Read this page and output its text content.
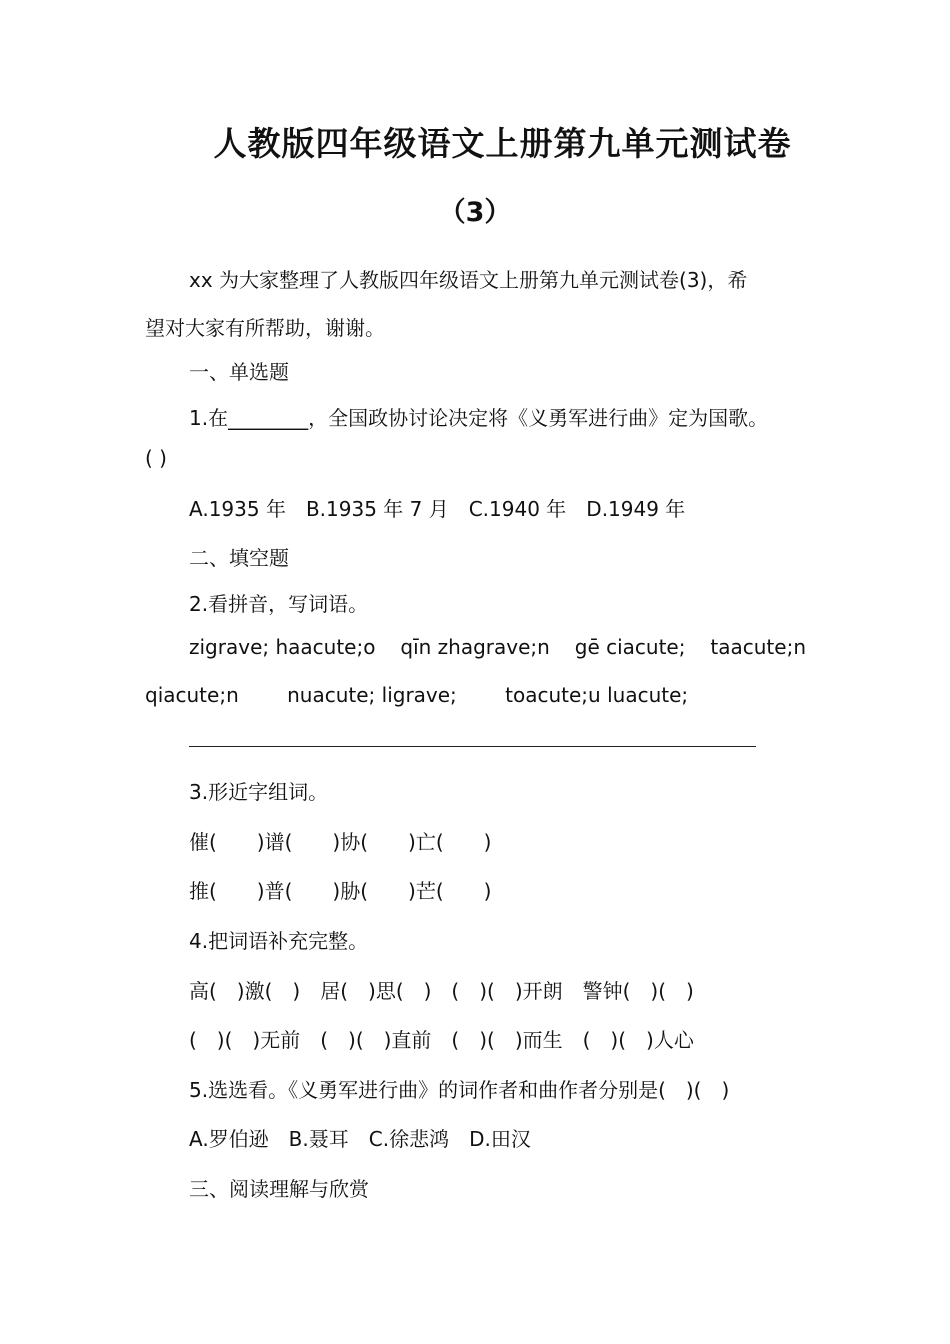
人教版四年级语文上册第九单元测试卷
（3）
xx 为大家整理了人教版四年级语文上册第九单元测试卷(3)，希
望对大家有所帮助，谢谢。
一、单选题
1.在________，全国政协讨论决定将《义勇军进行曲》定为国歌。
( )
A.1935 年　B.1935 年 7 月　C.1940 年　D.1949 年
二、填空题
2.看拼音，写词语。
zigrave; haacute;o qīn zhagrave;n gē ciacute; taacute;n
qiacute;n nuacute; ligrave; toacute;u luacute;
3.形近字组词。
催(　　)谱(　　)协(　　)亡(　　)
推(　　)普(　　)胁(　　)芒(　　)
4.把词语补充完整。
高(　)激(　)　居(　)思(　)　(　)(　)开朗　警钟(　)(　)
(　)(　)无前　(　)(　)直前　(　)(　)而生　(　)(　)人心
5.选选看。《义勇军进行曲》的词作者和曲作者分别是(　)(　)
A.罗伯逊　B.聂耳　C.徐悲鸿　D.田汉
三、阅读理解与欣赏
